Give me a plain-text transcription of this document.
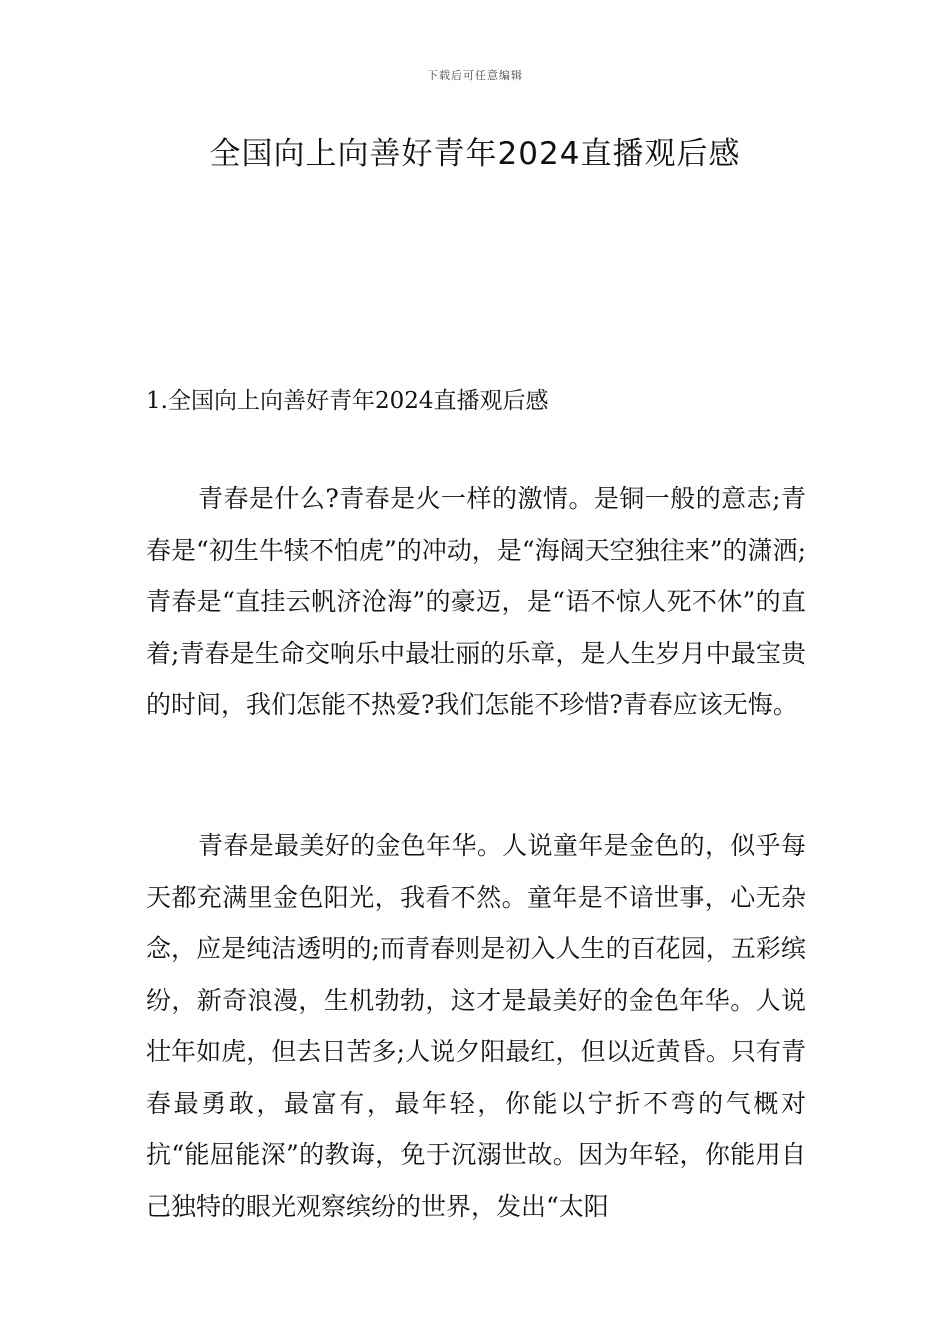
下载后可任意编辑
全国向上向善好青年2024直播观后感
1.全国向上向善好青年2024直播观后感

青春是什么?青春是火一样的激情。是铜一般的意志;青春是“初生牛犊不怕虎”的冲动，是“海阔天空独往来”的潇洒;青春是“直挂云帆济沧海”的豪迈，是“语不惊人死不休”的直着;青春是生命交响乐中最壮丽的乐章，是人生岁月中最宝贵的时间，我们怎能不热爱?我们怎能不珍惜?青春应该无悔。

青春是最美好的金色年华。人说童年是金色的，似乎每天都充满里金色阳光，我看不然。童年是不谙世事，心无杂念，应是纯洁透明的;而青春则是初入人生的百花园，五彩缤纷，新奇浪漫，生机勃勃，这才是最美好的金色年华。人说壮年如虎，但去日苦多;人说夕阳最红，但以近黄昏。只有青春最勇敢，最富有，最年轻，你能以宁折不弯的气概对抗“能屈能深”的教诲，免于沉溺世故。因为年轻，你能用自己独特的眼光观察缤纷的世界，发出“太阳
